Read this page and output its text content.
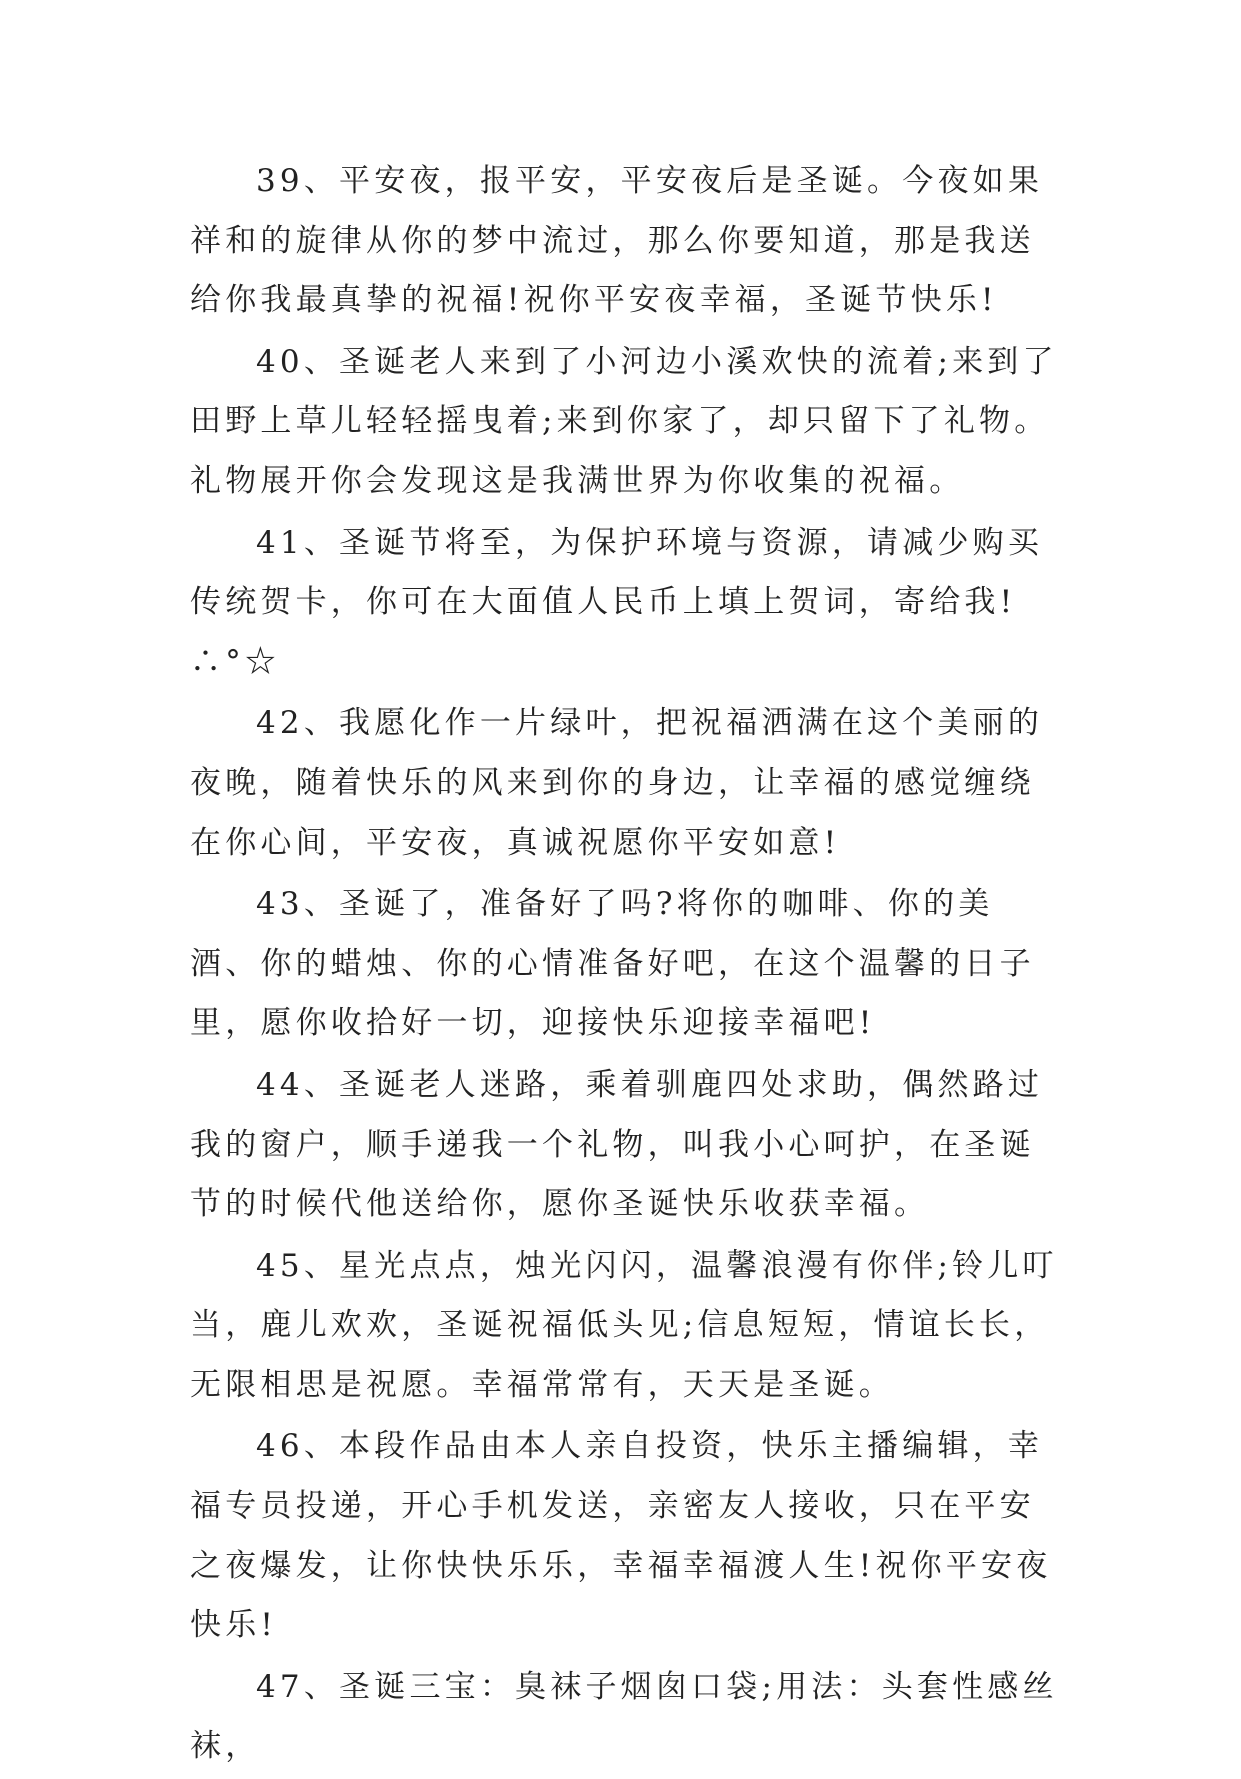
39、平安夜，报平安，平安夜后是圣诞。今夜如果祥和的旋律从你的梦中流过，那么你要知道，那是我送给你我最真挚的祝福!祝你平安夜幸福，圣诞节快乐!

40、圣诞老人来到了小河边小溪欢快的流着;来到了田野上草儿轻轻摇曳着;来到你家了，却只留下了礼物。礼物展开你会发现这是我满世界为你收集的祝福。

41、圣诞节将至，为保护环境与资源，请减少购买传统贺卡，你可在大面值人民币上填上贺词，寄给我!∴°☆

42、我愿化作一片绿叶，把祝福洒满在这个美丽的夜晚，随着快乐的风来到你的身边，让幸福的感觉缠绕在你心间，平安夜，真诚祝愿你平安如意!

43、圣诞了，准备好了吗?将你的咖啡、你的美酒、你的蜡烛、你的心情准备好吧，在这个温馨的日子里，愿你收拾好一切，迎接快乐迎接幸福吧!

44、圣诞老人迷路，乘着驯鹿四处求助，偶然路过我的窗户，顺手递我一个礼物，叫我小心呵护，在圣诞节的时候代他送给你，愿你圣诞快乐收获幸福。

45、星光点点，烛光闪闪，温馨浪漫有你伴;铃儿叮当，鹿儿欢欢，圣诞祝福低头见;信息短短，情谊长长，无限相思是祝愿。幸福常常有，天天是圣诞。

46、本段作品由本人亲自投资，快乐主播编辑，幸福专员投递，开心手机发送，亲密友人接收，只在平安之夜爆发，让你快快乐乐，幸福幸福渡人生!祝你平安夜快乐!

47、圣诞三宝：臭袜子烟囱口袋;用法：头套性感丝袜，
